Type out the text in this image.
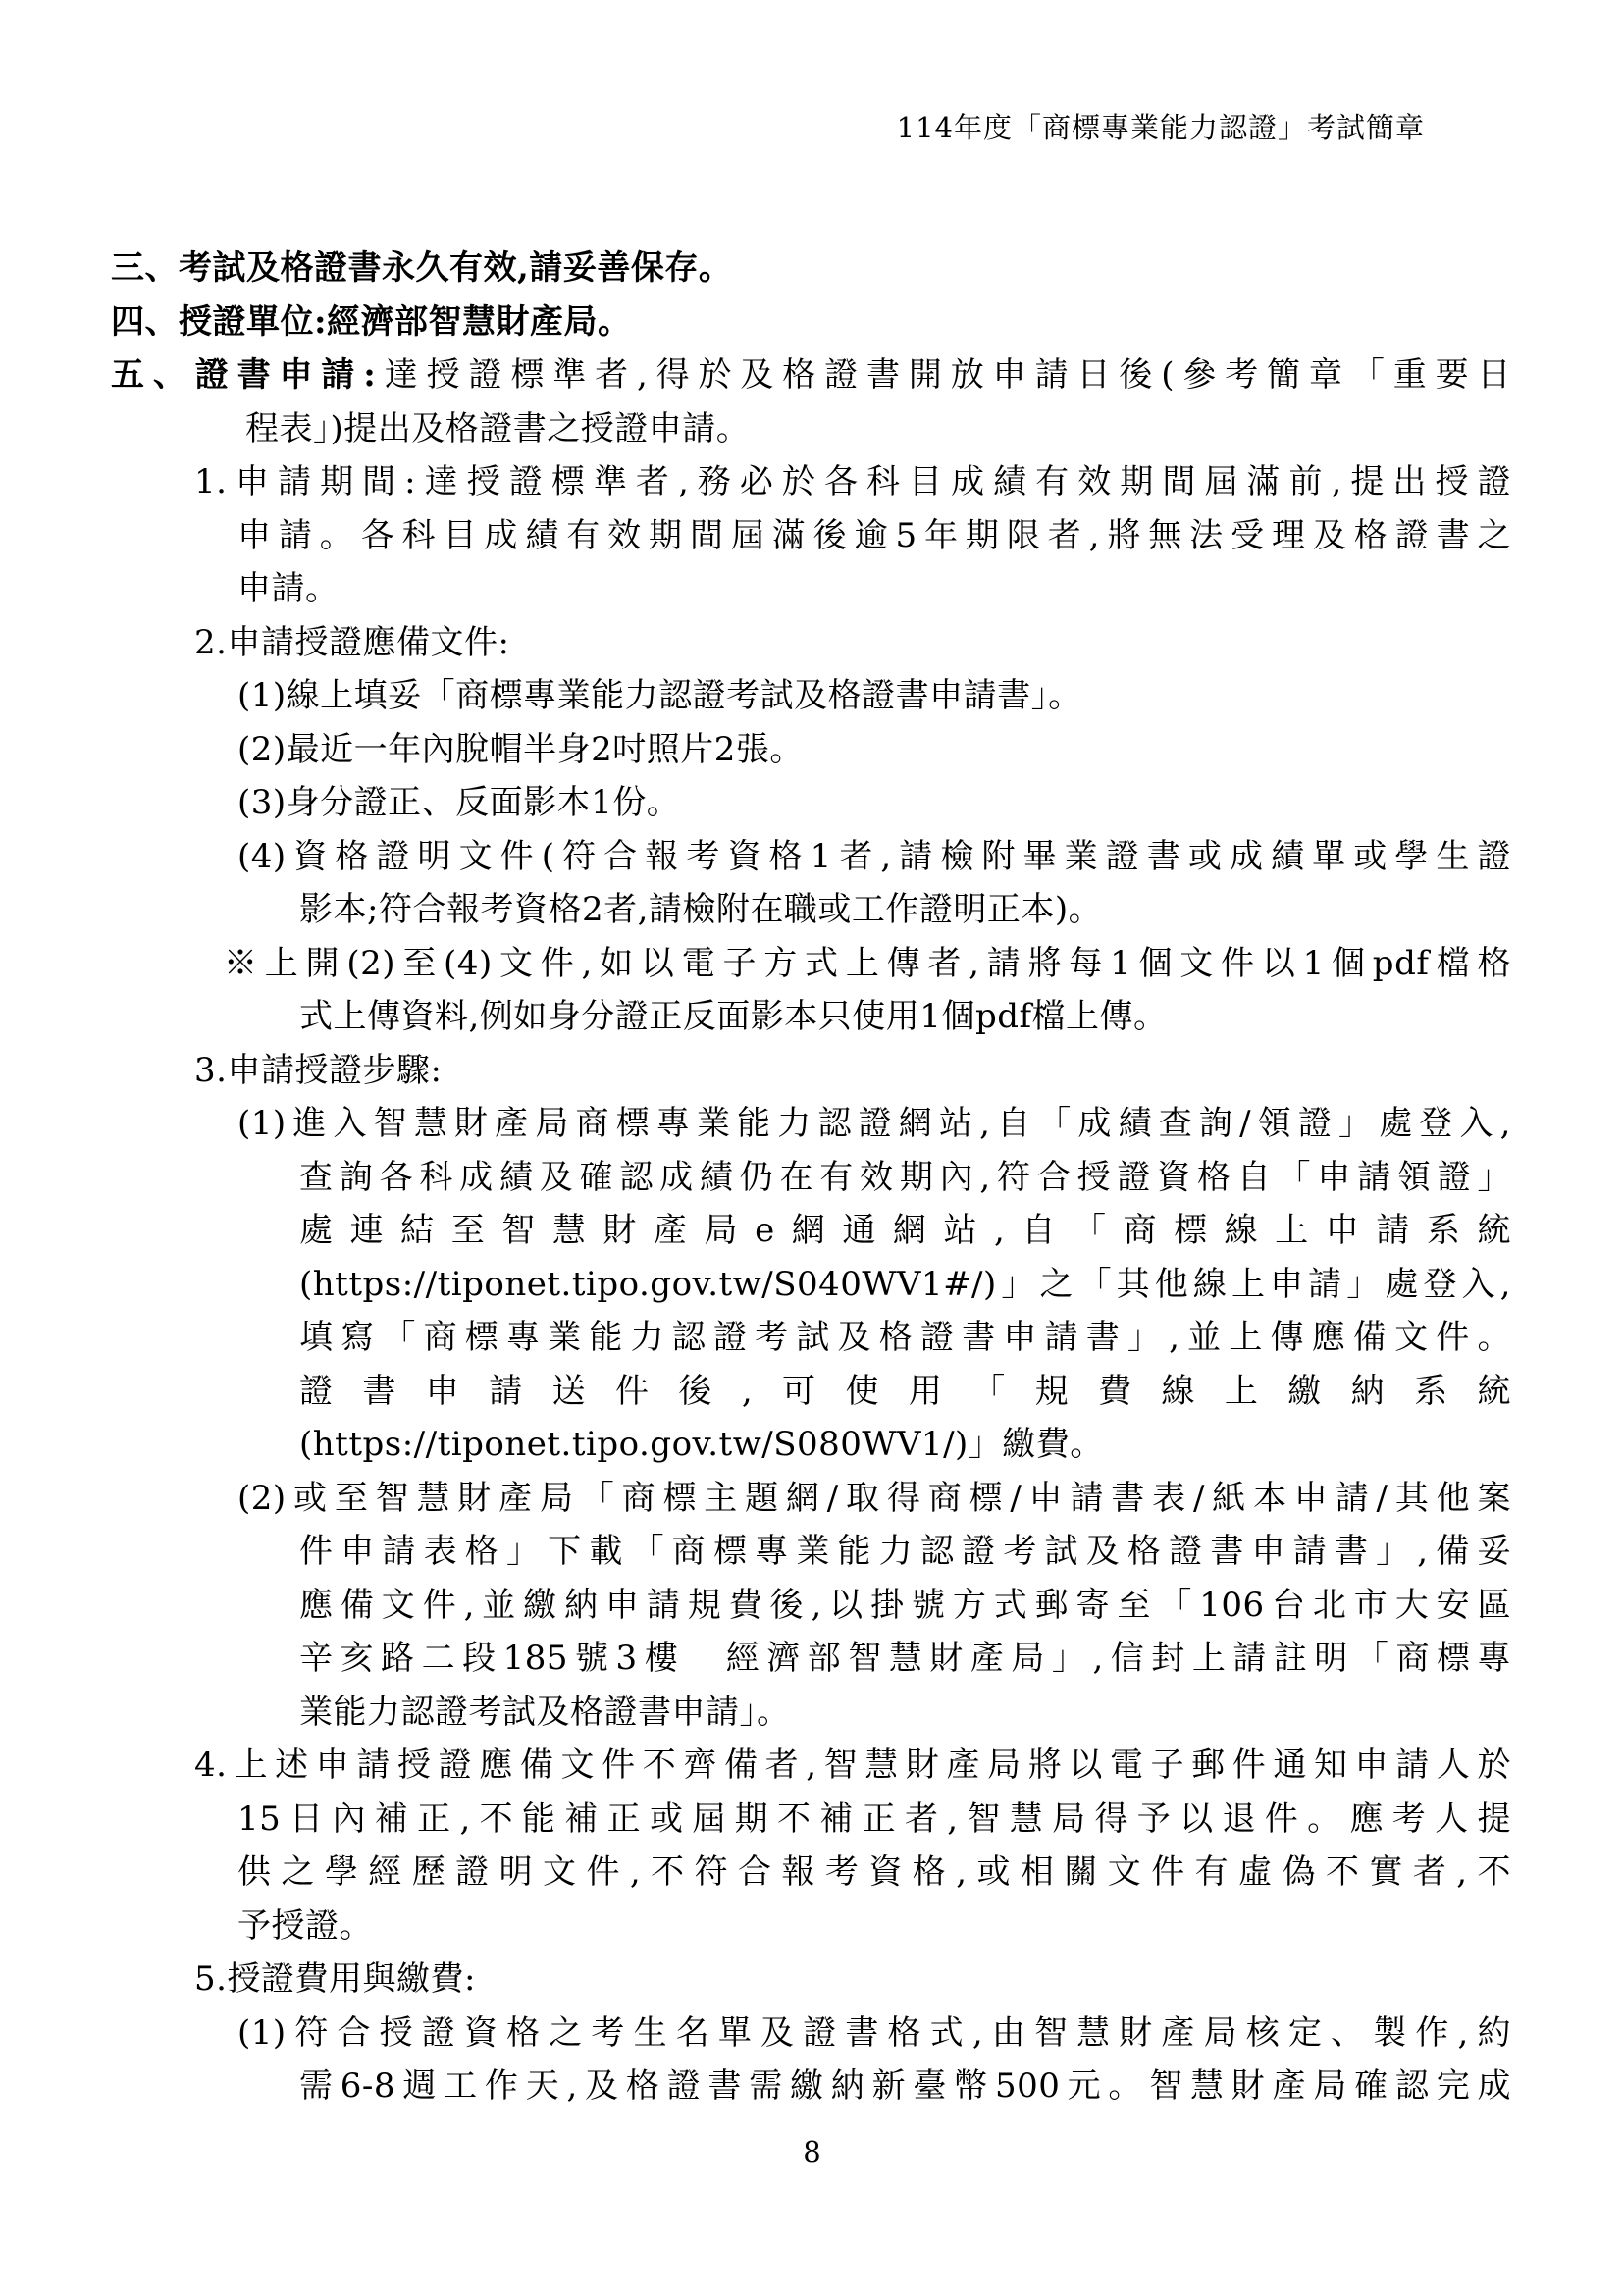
114年度「商標專業能力認證」考試簡章
三、考試及格證書永久有效,請妥善保存。
四、授證單位:經濟部智慧財產局。
五、證書申請:達授證標準者,得於及格證書開放申請日後(參考簡章「重要日
程表」)提出及格證書之授證申請。
1.申請期間:達授證標準者,務必於各科目成績有效期間屆滿前,提出授證
申請。各科目成績有效期間屆滿後逾5年期限者,將無法受理及格證書之
申請。
2.申請授證應備文件:
(1)線上填妥「商標專業能力認證考試及格證書申請書」。
(2)最近一年內脫帽半身2吋照片2張。
(3)身分證正、反面影本1份。
(4)資格證明文件(符合報考資格1者,請檢附畢業證書或成績單或學生證
影本;符合報考資格2者,請檢附在職或工作證明正本)。
※上開(2)至(4)文件,如以電子方式上傳者,請將每1個文件以1個pdf檔格
式上傳資料,例如身分證正反面影本只使用1個pdf檔上傳。
3.申請授證步驟:
(1)進入智慧財產局商標專業能力認證網站,自「成績查詢/領證」處登入,
查詢各科成績及確認成績仍在有效期內,符合授證資格自「申請領證」
處連結至智慧財產局e網通網站,自「商標線上申請系統
(https://tiponet.tipo.gov.tw/S040WV1#/)」之「其他線上申請」處登入,
填寫「商標專業能力認證考試及格證書申請書」,並上傳應備文件。
證書申請送件後,可使用「規費線上繳納系統
(https://tiponet.tipo.gov.tw/S080WV1/)」繳費。
(2)或至智慧財產局「商標主題網/取得商標/申請書表/紙本申請/其他案
件申請表格」下載「商標專業能力認證考試及格證書申請書」,備妥
應備文件,並繳納申請規費後,以掛號方式郵寄至「106台北市大安區
辛亥路二段185號3樓　經濟部智慧財產局」,信封上請註明「商標專
業能力認證考試及格證書申請」。
4.上述申請授證應備文件不齊備者,智慧財產局將以電子郵件通知申請人於
15日內補正,不能補正或屆期不補正者,智慧局得予以退件。應考人提
供之學經歷證明文件,不符合報考資格,或相關文件有虛偽不實者,不
予授證。
5.授證費用與繳費:
(1)符合授證資格之考生名單及證書格式,由智慧財產局核定、製作,約
需6-8週工作天,及格證書需繳納新臺幣500元。智慧財產局確認完成
8
